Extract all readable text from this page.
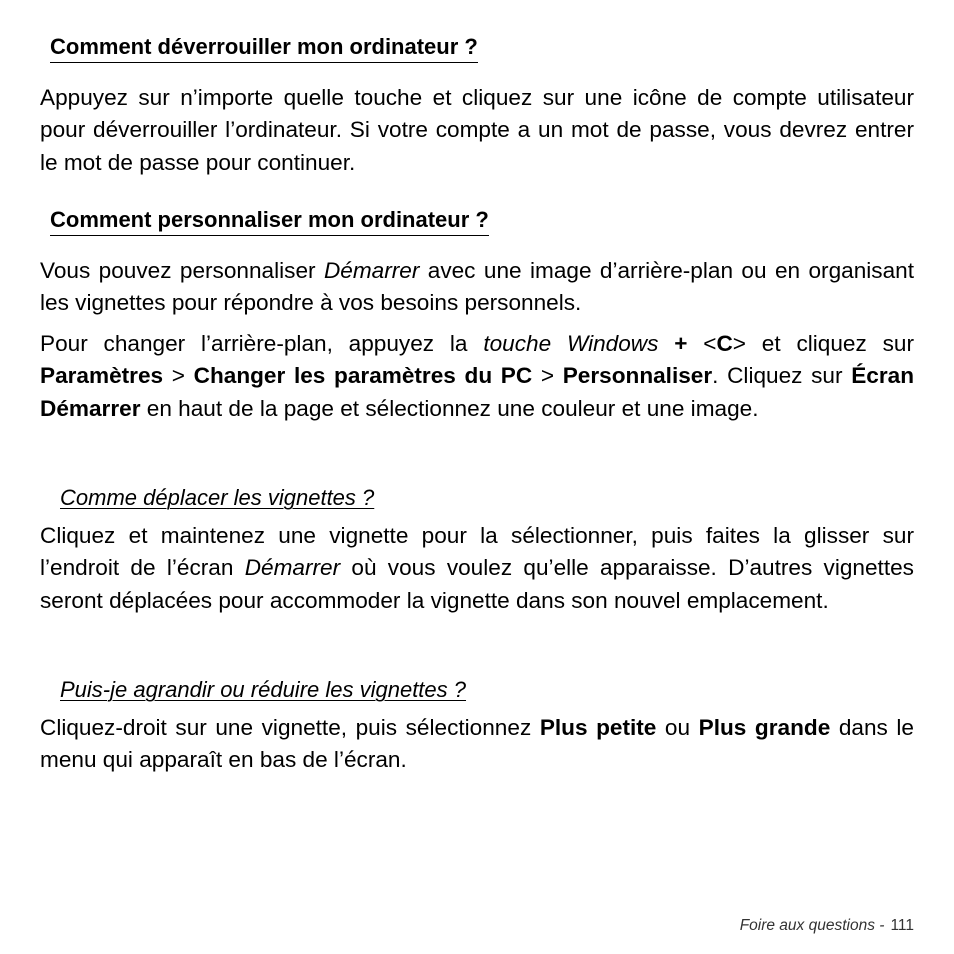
Comment déverrouiller mon ordinateur ?

Appuyez sur n’importe quelle touche et cliquez sur une icône de compte utilisateur pour déverrouiller l’ordinateur. Si votre compte a un mot de passe, vous devrez entrer le mot de passe pour continuer.

Comment personnaliser mon ordinateur ?

Vous pouvez personnaliser Démarrer avec une image d’arrière-plan ou en organisant les vignettes pour répondre à vos besoins personnels.

Pour changer l’arrière-plan, appuyez la touche Windows + <C> et cliquez sur Paramètres > Changer les paramètres du PC > Personnaliser. Cliquez sur Écran Démarrer en haut de la page et sélectionnez une couleur et une image.

Comme déplacer les vignettes ?

Cliquez et maintenez une vignette pour la sélectionner, puis faites la glisser sur l’endroit de l’écran Démarrer où vous voulez qu’elle apparaisse. D’autres vignettes seront déplacées pour accommoder la vignette dans son nouvel emplacement.

Puis-je agrandir ou réduire les vignettes ?

Cliquez-droit sur une vignette, puis sélectionnez Plus petite ou Plus grande dans le menu qui apparaît en bas de l’écran.

Foire aux questions - 111
